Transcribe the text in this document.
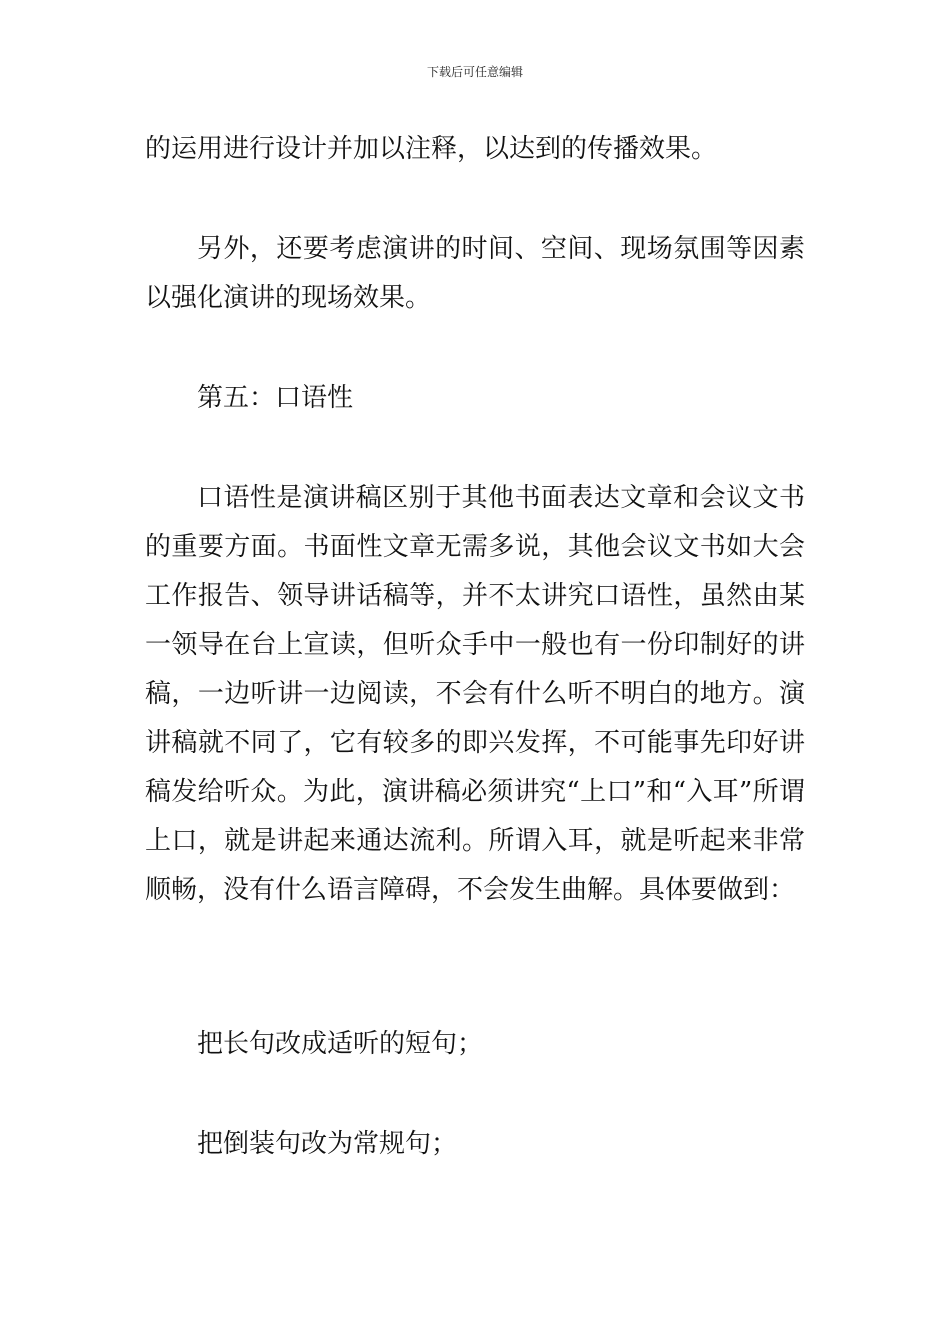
下载后可任意编辑

的运用进行设计并加以注释，以达到的传播效果。

另外，还要考虑演讲的时间、空间、现场氛围等因素以强化演讲的现场效果。

第五：口语性

口语性是演讲稿区别于其他书面表达文章和会议文书的重要方面。书面性文章无需多说，其他会议文书如大会工作报告、领导讲话稿等，并不太讲究口语性，虽然由某一领导在台上宣读，但听众手中一般也有一份印制好的讲稿，一边听讲一边阅读，不会有什么听不明白的地方。演讲稿就不同了，它有较多的即兴发挥，不可能事先印好讲稿发给听众。为此，演讲稿必须讲究“上口”和“入耳”所谓上口，就是讲起来通达流利。所谓入耳，就是听起来非常顺畅，没有什么语言障碍，不会发生曲解。具体要做到：

把长句改成适听的短句；

把倒装句改为常规句；
